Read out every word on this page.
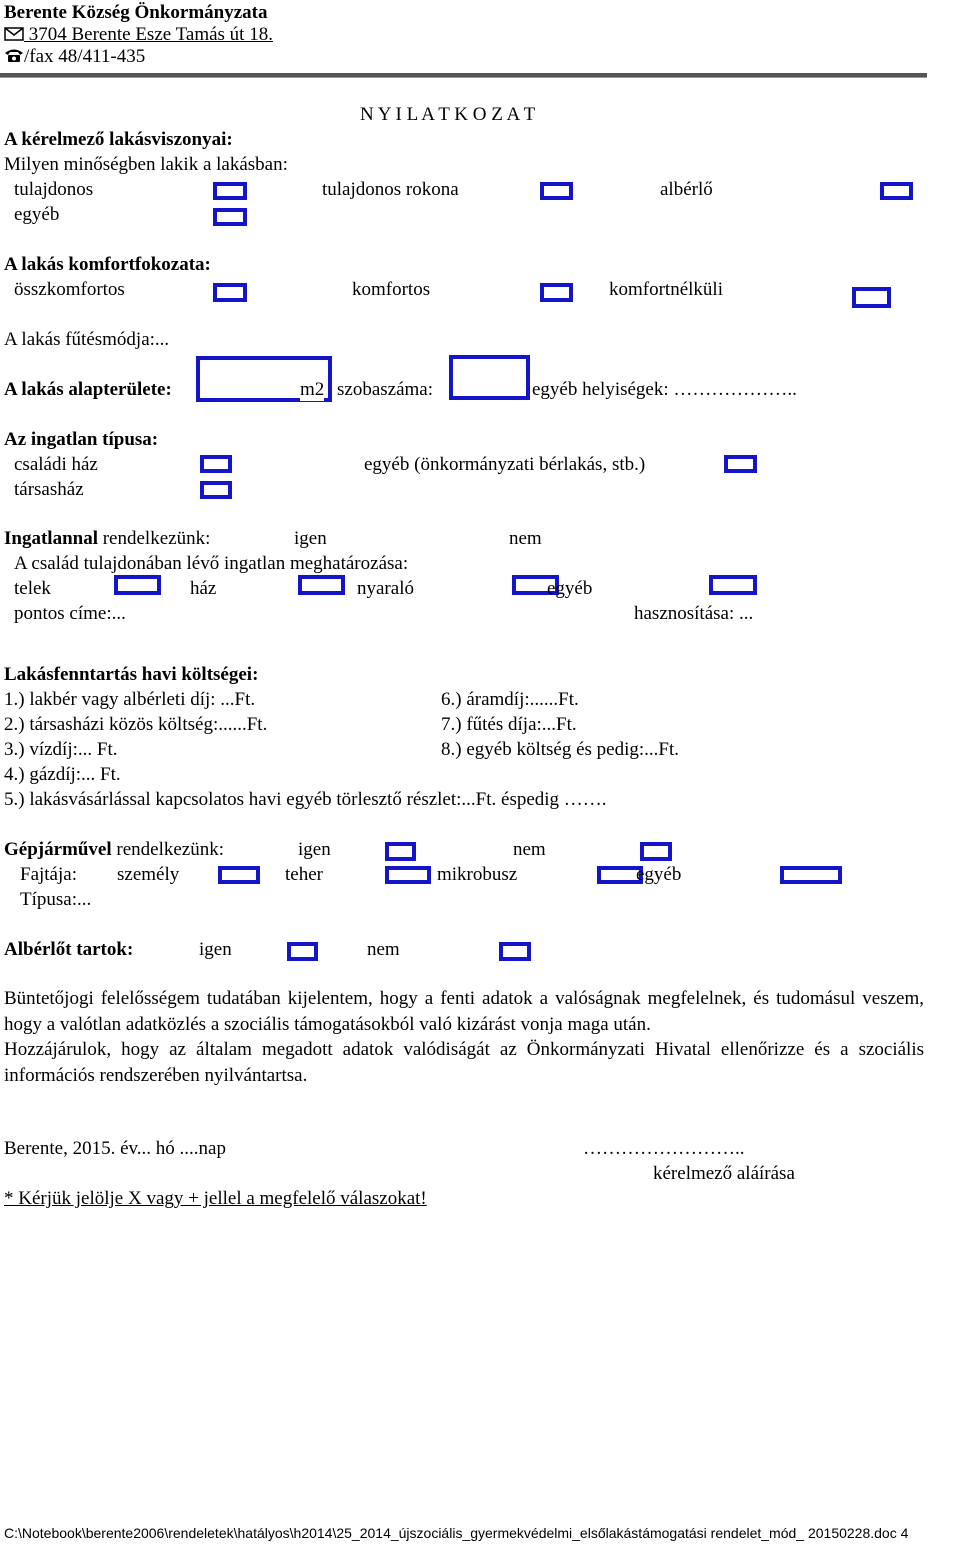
Berente Község Önkormányzata
3704 Berente Esze Tamás út 18.
/fax 48/411-435
N Y I L A T K O Z A T
A kérelmező lakásviszonyai:
Milyen minőségben lakik a lakásban:
tulajdonos	tulajdonos rokona	albérlő
egyéb
A lakás komfortfokozata:
összkomfortos	komfortos	komfortnélküli
A lakás fűtésmódja:...
A lakás alapterülete:	m2 szobaszáma:	egyéb helyiségek: ………………..
Az ingatlan típusa:
családi ház	egyéb (önkormányzati bérlakás, stb.)
társasház
Ingatlannal rendelkezünk:	igen	nem
A család tulajdonában lévő ingatlan meghatározása:
telek	ház	nyaraló	egyéb
pontos címe:...	hasznosítása: ...
Lakásfenntartás havi költségei:
1.) lakbér vagy albérleti díj: ...Ft.	6.) áramdíj:......Ft.
2.) társasházi közös költség:......Ft.	7.) fűtés díja:...Ft.
3.) vízdíj:... Ft.	8.) egyéb költség és pedig:...Ft.
4.) gázdíj:... Ft.
5.) lakásvásárlással kapcsolatos havi egyéb törlesztő részlet:...Ft. éspedig …….
Gépjárművel rendelkezünk:	igen	nem
Fajtája: személy	teher	mikrobusz	egyéb
Típusa:...
Albérlőt tartok:	igen	nem
Büntetőjogi felelősségem tudatában kijelentem, hogy a fenti adatok a valóságnak megfelelnek, és tudomásul veszem, hogy a valótlan adatközlés a szociális támogatásokból való kizárást vonja maga után.
Hozzájárulok, hogy az általam megadott adatok valódiságát az Önkormányzati Hivatal ellenőrizze és a szociális információs rendszerében nyilvántartsa.
Berente, 2015. év... hó ....nap	……………………..
kérelmező aláírása
* Kérjük jelölje X vagy + jellel a megfelelő válaszokat!
C:\Notebook\berente2006\rendeletek\hatályos\h2014\25_2014_újszociális_gyermekvédelmi_elsőlakástámogatási rendelet_mód_ 20150228.doc 4
